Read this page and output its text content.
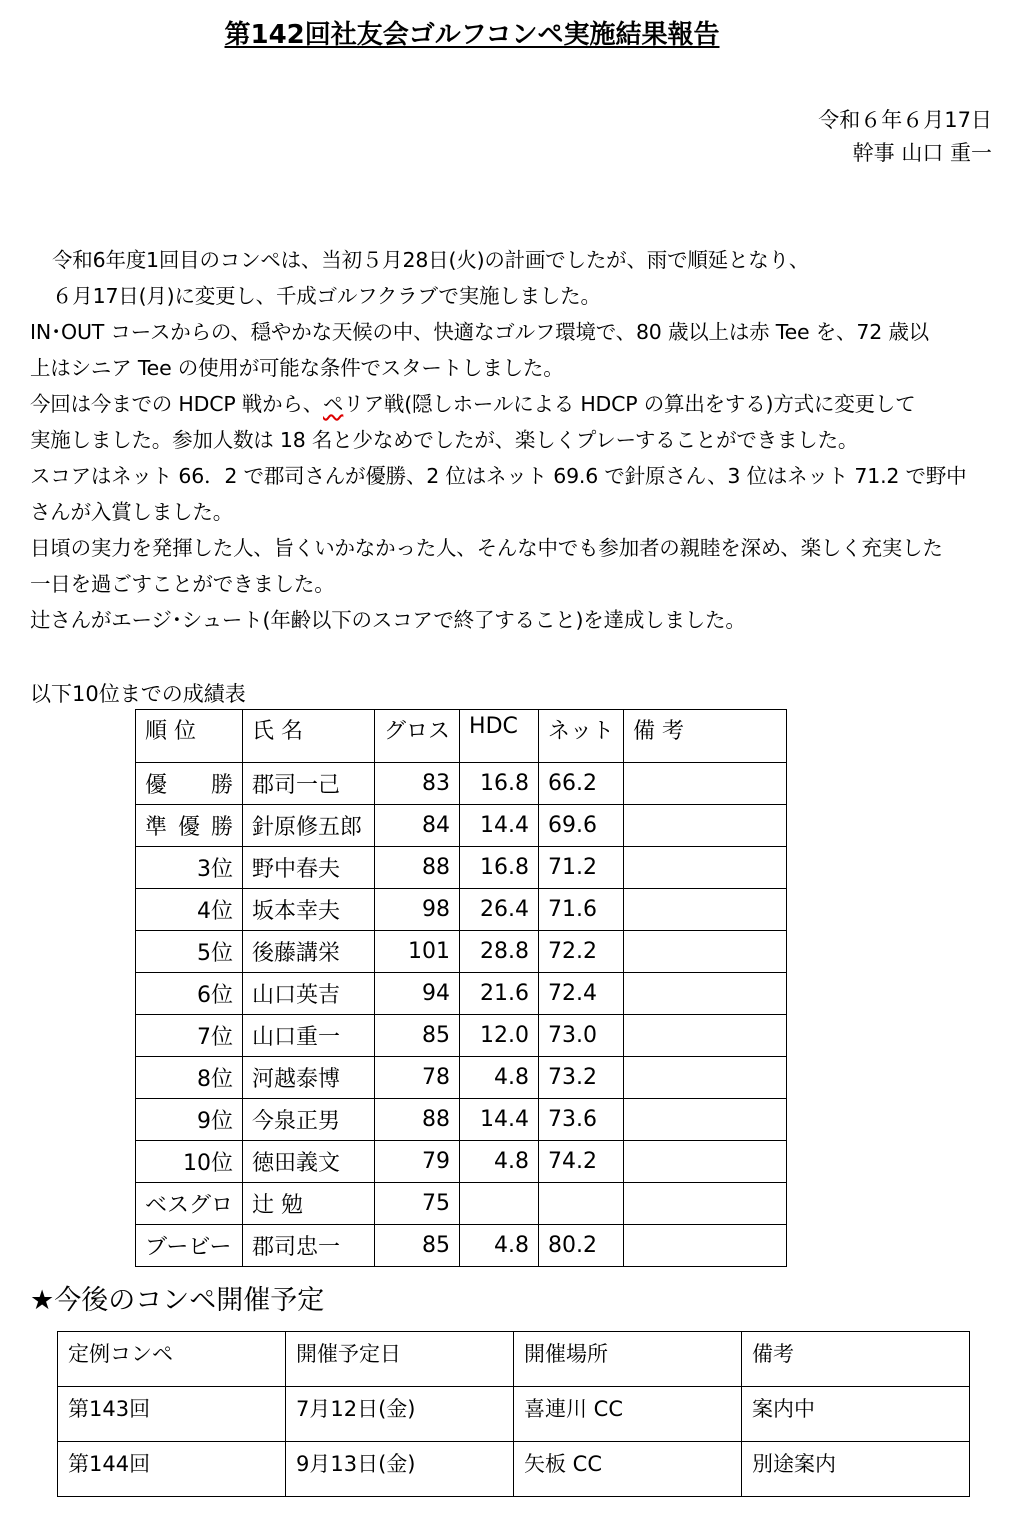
第142回社友会ゴルフコンペ実施結果報告
令和６年６月17日
幹事 山口 重一
令和6年度1回目のコンペは、当初５月28日(火)の計画でしたが、雨で順延となり、
６月17日(月)に変更し、千成ゴルフクラブで実施しました。
IN･OUT コースからの、穏やかな天候の中、快適なゴルフ環境で、80 歳以上は赤 Tee を、72 歳以
上はシニア Tee の使用が可能な条件でスタートしました。
今回は今までの HDCP 戦から、ペリア戦(隠しホールによる HDCP の算出をする)方式に変更して
実施しました。参加人数は 18 名と少なめでしたが、楽しくプレーすることができました。
スコアはネット 66．2 で郡司さんが優勝、2 位はネット 69.6 で針原さん、3 位はネット 71.2 で野中
さんが入賞しました。
日頃の実力を発揮した人、旨くいかなかった人、そんな中でも参加者の親睦を深め、楽しく充実した
一日を過ごすことができました。
辻さんがエージ･シュート(年齢以下のスコアで終了すること)を達成しました。
以下10位までの成績表
順 位	氏 名	グロス	HDC	ネット	備 考
優 勝	郡司一己	83	16.8	66.2	
準 優 勝	針原修五郎	84	14.4	69.6	
3位	野中春夫	88	16.8	71.2	
4位	坂本幸夫	98	26.4	71.6	
5位	後藤講栄	101	28.8	72.2	
6位	山口英吉	94	21.6	72.4	
7位	山口重一	85	12.0	73.0	
8位	河越泰博	78	4.8	73.2	
9位	今泉正男	88	14.4	73.6	
10位	徳田義文	79	4.8	74.2	
ベスグロ	辻 勉	75			
ブービー	郡司忠一	85	4.8	80.2	
★今後のコンペ開催予定
定例コンペ	開催予定日	開催場所	備考
第143回	7月12日(金)	喜連川 CC	案内中
第144回	9月13日(金)	矢板 CC	別途案内
